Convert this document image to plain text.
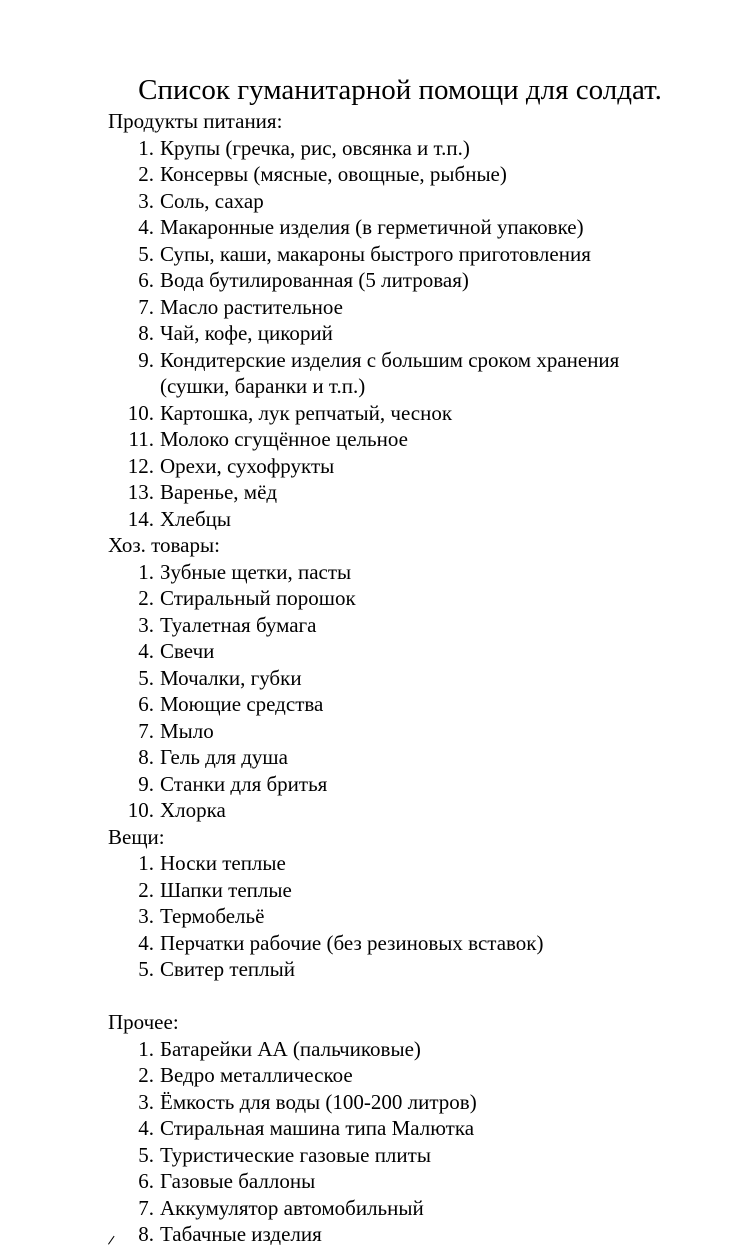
Список гуманитарной помощи для солдат.

Продукты питания:

1. Крупы (гречка, рис, овсянка и т.п.)
2. Консервы (мясные, овощные, рыбные)
3. Соль, сахар
4. Макаронные изделия (в герметичной упаковке)
5. Супы, каши, макароны быстрого приготовления
6. Вода бутилированная (5 литровая)
7. Масло растительное
8. Чай, кофе, цикорий
9. Кондитерские изделия с большим сроком хранения (сушки, баранки и т.п.)
10. Картошка, лук репчатый, чеснок
11. Молоко сгущённое цельное
12. Орехи, сухофрукты
13. Варенье, мёд
14. Хлебцы

Хоз. товары:

1. Зубные щетки, пасты
2. Стиральный порошок
3. Туалетная бумага
4. Свечи
5. Мочалки, губки
6. Моющие средства
7. Мыло
8. Гель для душа
9. Станки для бритья
10. Хлорка

Вещи:

1. Носки теплые
2. Шапки теплые
3. Термобельё
4. Перчатки рабочие (без резиновых вставок)
5. Свитер теплый

Прочее:

1. Батарейки АА (пальчиковые)
2. Ведро металлическое
3. Ёмкость для воды (100-200 литров)
4. Стиральная машина типа Малютка
5. Туристические газовые плиты
6. Газовые баллоны
7. Аккумулятор автомобильный
8. Табачные изделия
